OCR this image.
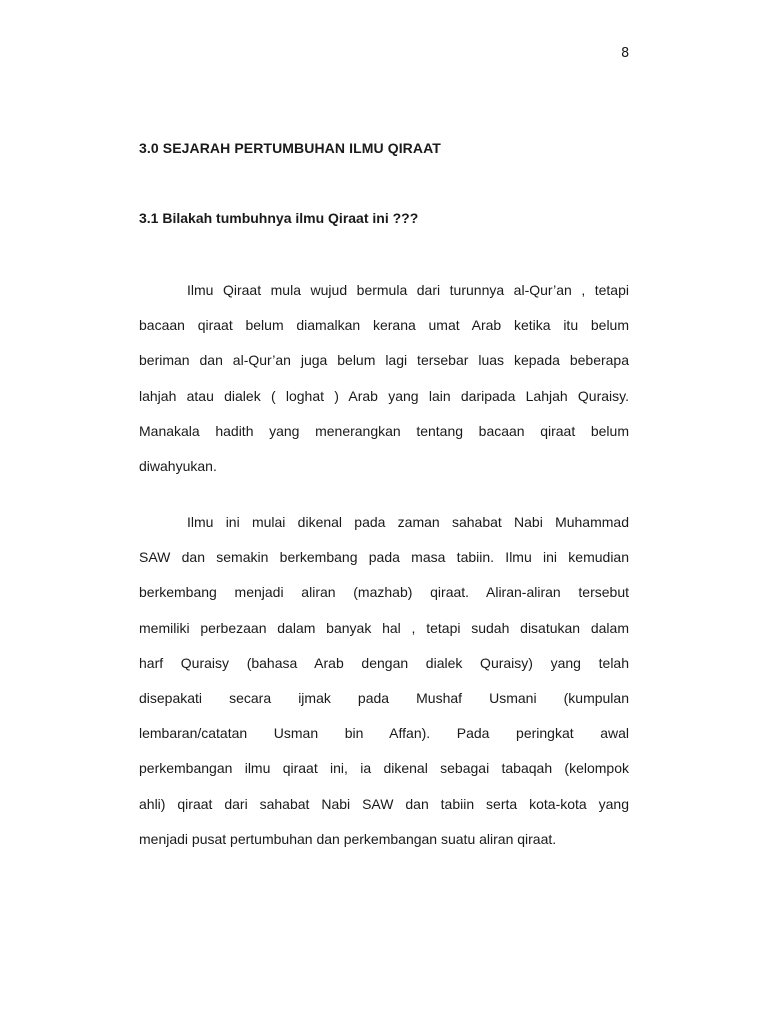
8
3.0 SEJARAH PERTUMBUHAN ILMU QIRAAT
3.1 Bilakah tumbuhnya ilmu Qiraat ini ???

Ilmu Qiraat mula wujud bermula dari turunnya al-Qur’an , tetapi
bacaan qiraat belum diamalkan kerana umat Arab ketika itu belum
beriman dan al-Qur’an juga belum lagi tersebar luas kepada beberapa
lahjah atau dialek ( loghat ) Arab yang lain daripada Lahjah Quraisy.
Manakala hadith yang menerangkan tentang bacaan qiraat belum
diwahyukan.

Ilmu ini mulai dikenal pada zaman sahabat Nabi Muhammad
SAW dan semakin berkembang pada masa tabiin. Ilmu ini kemudian
berkembang menjadi aliran (mazhab) qiraat. Aliran-aliran tersebut
memiliki perbezaan dalam banyak hal , tetapi sudah disatukan dalam
harf Quraisy (bahasa Arab dengan dialek Quraisy) yang telah
disepakati secara ijmak pada Mushaf Usmani (kumpulan
lembaran/catatan Usman bin Affan). Pada peringkat awal
perkembangan ilmu qiraat ini, ia dikenal sebagai tabaqah (kelompok
ahli) qiraat dari sahabat Nabi SAW dan tabiin serta kota-kota yang
menjadi pusat pertumbuhan dan perkembangan suatu aliran qiraat.
